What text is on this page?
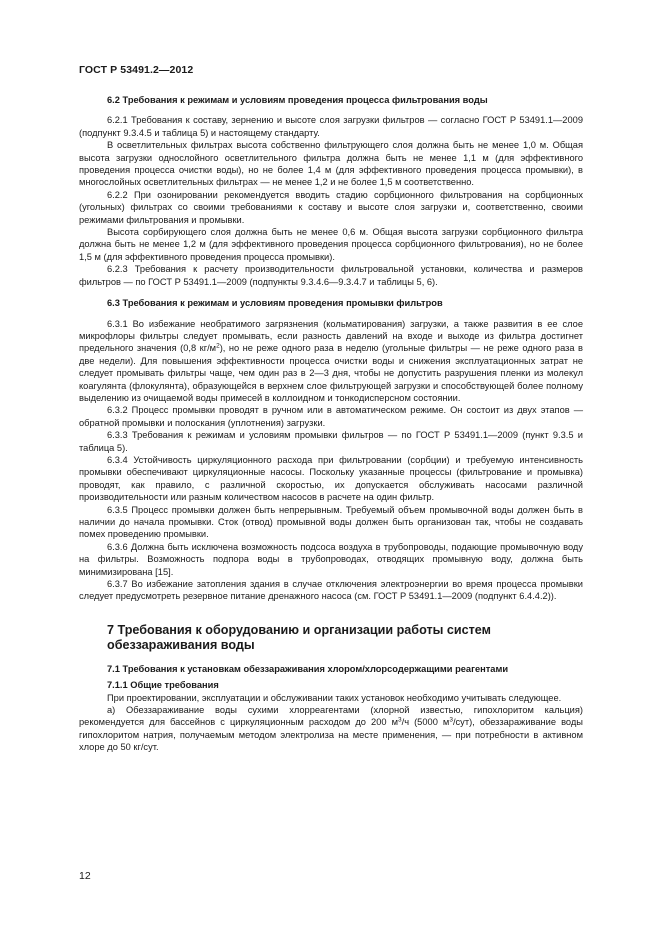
ГОСТ Р 53491.2—2012

6.2 Требования к режимам и условиям проведения процесса фильтрования воды

6.2.1 Требования к составу, зернению и высоте слоя загрузки фильтров — согласно ГОСТ Р 53491.1—2009 (подпункт 9.3.4.5 и таблица 5) и настоящему стандарту.

В осветлительных фильтрах высота собственно фильтрующего слоя должна быть не менее 1,0 м. Общая высота загрузки однослойного осветлительного фильтра должна быть не менее 1,1 м (для эффективного проведения процесса очистки воды), но не более 1,4 м (для эффективного проведения процесса промывки), в многослойных осветлительных фильтрах — не менее 1,2 и не более 1,5 м соответственно.

6.2.2 При озонировании рекомендуется вводить стадию сорбционного фильтрования на сорбционных (угольных) фильтрах со своими требованиями к составу и высоте слоя загрузки и, соответственно, своими режимами фильтрования и промывки.

Высота сорбирующего слоя должна быть не менее 0,6 м. Общая высота загрузки сорбционного фильтра должна быть не менее 1,2 м (для эффективного проведения процесса сорбционного фильтрования), но не более 1,5 м (для эффективного проведения процесса промывки).

6.2.3 Требования к расчету производительности фильтровальной установки, количества и размеров фильтров — по ГОСТ Р 53491.1—2009 (подпункты 9.3.4.6—9.3.4.7 и таблицы 5, 6).

6.3 Требования к режимам и условиям проведения промывки фильтров

6.3.1 Во избежание необратимого загрязнения (кольматирования) загрузки, а также развития в ее слое микрофлоры фильтры следует промывать, если разность давлений на входе и выходе из фильтра достигнет предельного значения (0,8 $кг/м^2$), но не реже одного раза в неделю (угольные фильтры — не реже одного раза в две недели). Для повышения эффективности процесса очистки воды и снижения эксплуатационных затрат не следует промывать фильтры чаще, чем один раз в 2—3 дня, чтобы не допустить разрушения пленки из молекул коагулянта (флокулянта), образующейся в верхнем слое фильтрующей загрузки и способствующей более полному выделению из очищаемой воды примесей в коллоидном и тонкодисперсном состоянии.

6.3.2 Процесс промывки проводят в ручном или в автоматическом режиме. Он состоит из двух этапов — обратной промывки и полоскания (уплотнения) загрузки.

6.3.3 Требования к режимам и условиям промывки фильтров — по ГОСТ Р 53491.1—2009 (пункт 9.3.5 и таблица 5).

6.3.4 Устойчивость циркуляционного расхода при фильтровании (сорбции) и требуемую интенсивность промывки обеспечивают циркуляционные насосы. Поскольку указанные процессы (фильтрование и промывка) проводят, как правило, с различной скоростью, их допускается обслуживать насосами различной производительности или разным количеством насосов в расчете на один фильтр.

6.3.5 Процесс промывки должен быть непрерывным. Требуемый объем промывочной воды должен быть в наличии до начала промывки. Сток (отвод) промывной воды должен быть организован так, чтобы не создавать помех проведению промывки.

6.3.6 Должна быть исключена возможность подсоса воздуха в трубопроводы, подающие промывочную воду на фильтры. Возможность подпора воды в трубопроводах, отводящих промывную воду, должна быть минимизирована [15].

6.3.7 Во избежание затопления здания в случае отключения электроэнергии во время процесса промывки следует предусмотреть резервное питание дренажного насоса (см. ГОСТ Р 53491.1—2009 (подпункт 6.4.4.2)).

7 Требования к оборудованию и организации работы систем
обеззараживания воды

7.1 Требования к установкам обеззараживания хлором/хлорсодержащими реагентами

7.1.1 Общие требования

При проектировании, эксплуатации и обслуживании таких установок необходимо учитывать следующее.

а) Обеззараживание воды сухими хлорреагентами (хлорной известью, гипохлоритом кальция) рекомендуется для бассейнов с циркуляционным расходом до 200 $м^3/ч$ (5000 $м^3/сут$), обеззараживание воды гипохлоритом натрия, получаемым методом электролиза на месте применения, — при потребности в активном хлоре до 50 кг/сут.

12
